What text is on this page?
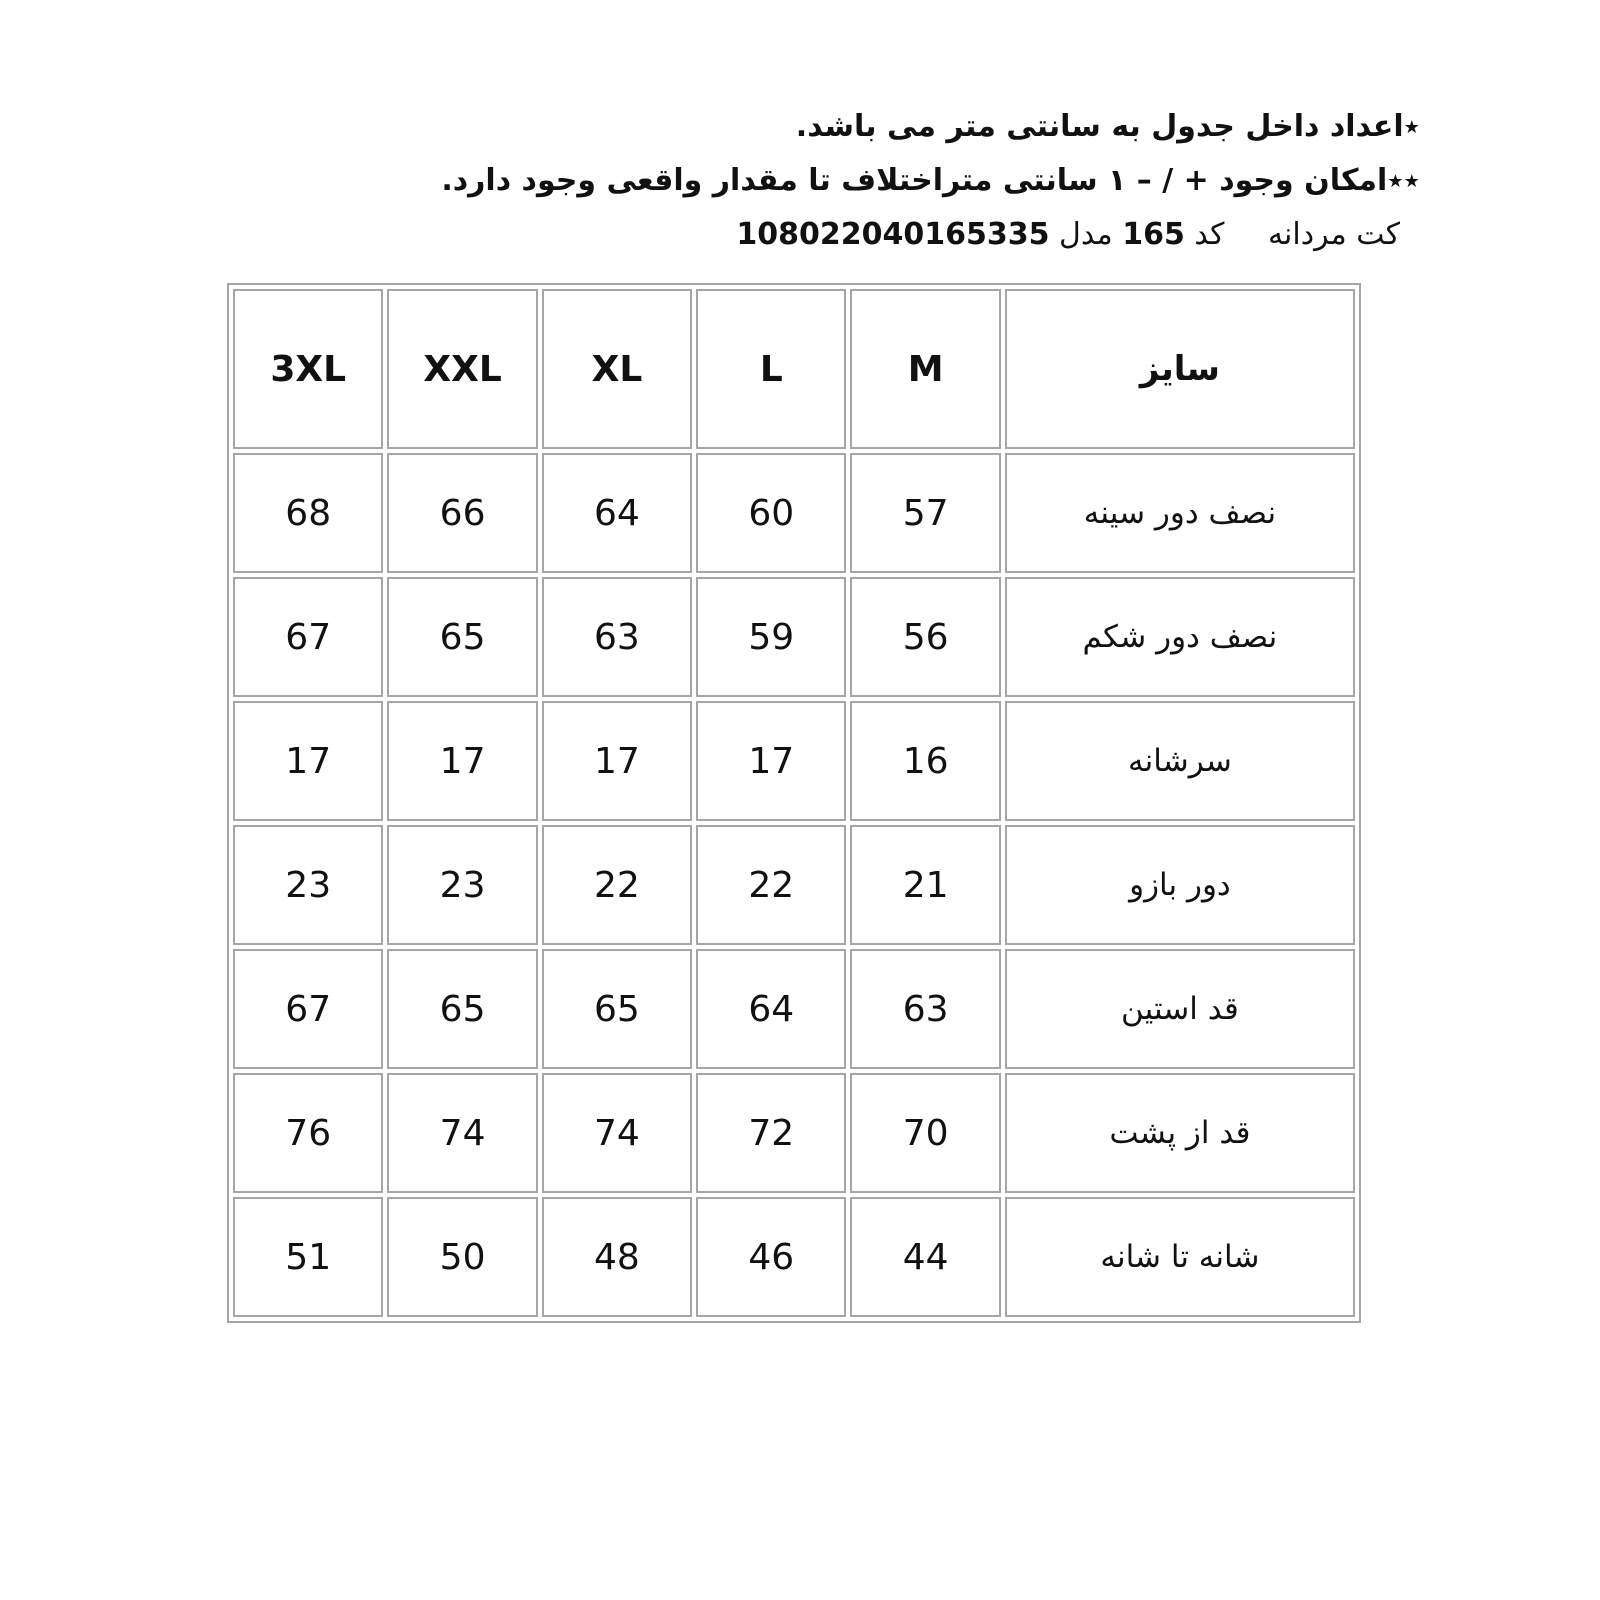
٭اعداد داخل جدول به سانتی متر می باشد.
٭٭امکان وجود + / – ۱ سانتی متراختلاف تا مقدار واقعی وجود دارد.
کت مردانه کد 165 مدل 108022040165335
سایز	M	L	XL	XXL	3XL
نصف دور سینه	57	60	64	66	68
نصف دور شکم	56	59	63	65	67
سرشانه	16	17	17	17	17
دور بازو	21	22	22	23	23
قد استین	63	64	65	65	67
قد از پشت	70	72	74	74	76
شانه تا شانه	44	46	48	50	51
